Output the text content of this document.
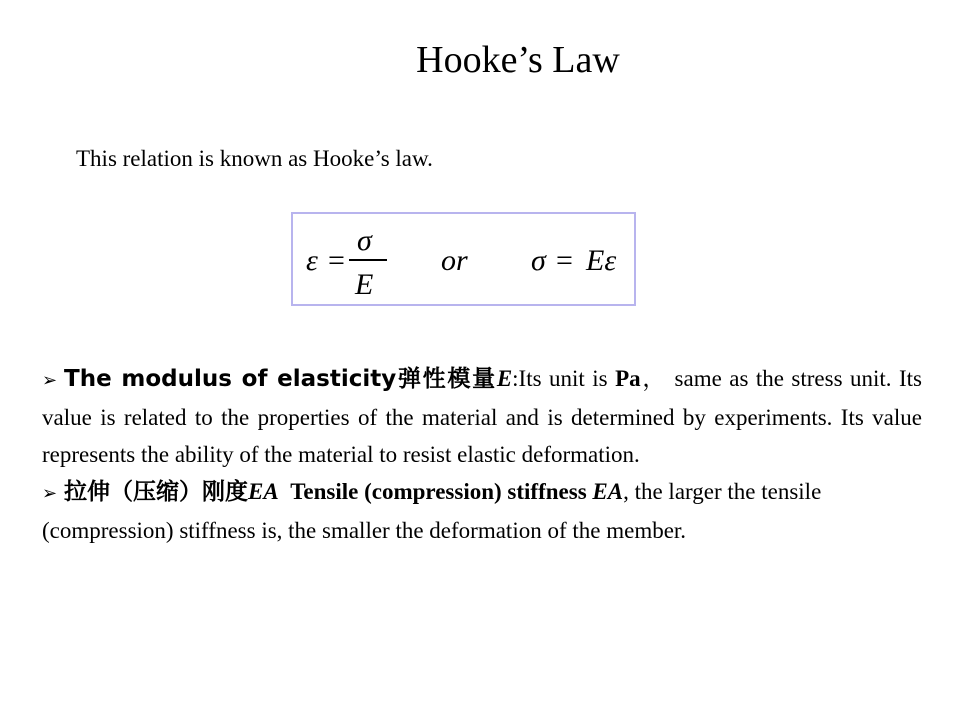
Hooke’s Law
This relation is known as Hooke’s law.
ε =
σ
E
or σ = Eε

➢ The modulus of elasticity弹性模量E:Its unit is Pa， same as the stress unit. Its value is related to the properties of the material and is determined by experiments. Its value represents the ability of the material to resist elastic deformation.

➢ 拉伸（压缩）刚度EA Tensile (compression) stiffness EA, the larger the tensile (compression) stiffness is, the smaller the deformation of the member.
